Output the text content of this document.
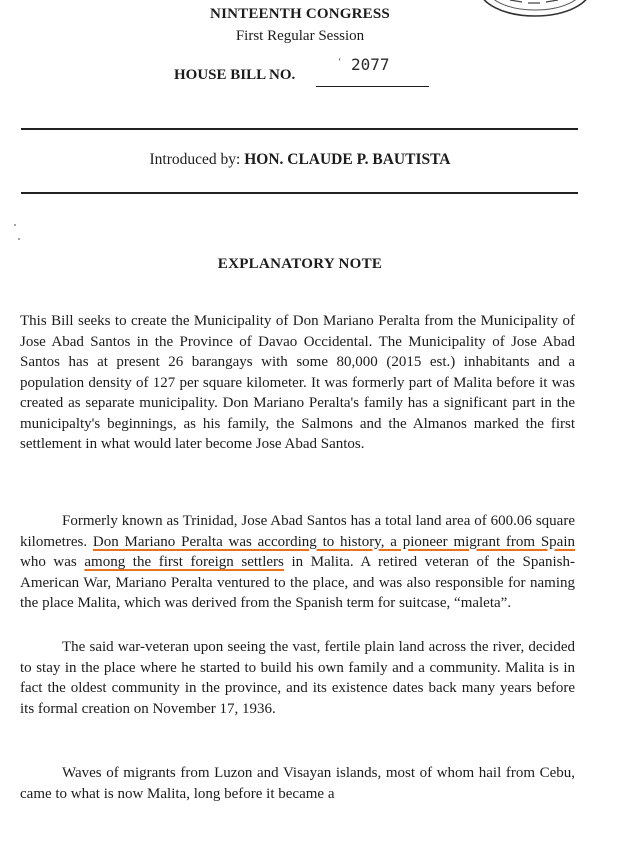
NINTEENTH CONGRESS
First Regular Session
HOUSE BILL NO.
‘ 2077
Introduced by: HON. CLAUDE P. BAUTISTA
EXPLANATORY NOTE

This Bill seeks to create the Municipality of Don Mariano Peralta from the Municipality of Jose Abad Santos in the Province of Davao Occidental. The Municipality of Jose Abad Santos has at present 26 barangays with some 80,000 (2015 est.) inhabitants and a population density of 127 per square kilometer. It was formerly part of Malita before it was created as separate municipality. Don Mariano Peralta's family has a significant part in the municipalty's beginnings, as his family, the Salmons and the Almanos marked the first settlement in what would later become Jose Abad Santos.

Formerly known as Trinidad, Jose Abad Santos has a total land area of 600.06 square kilometres. Don Mariano Peralta was according to history, a pioneer migrant from Spain who was among the first foreign settlers in Malita. A retired veteran of the Spanish-American War, Mariano Peralta ventured to the place, and was also responsible for naming the place Malita, which was derived from the Spanish term for suitcase, “maleta”.

The said war-veteran upon seeing the vast, fertile plain land across the river, decided to stay in the place where he started to build his own family and a community. Malita is in fact the oldest community in the province, and its existence dates back many years before its formal creation on November 17, 1936.

Waves of migrants from Luzon and Visayan islands, most of whom hail from Cebu, came to what is now Malita, long before it became a
